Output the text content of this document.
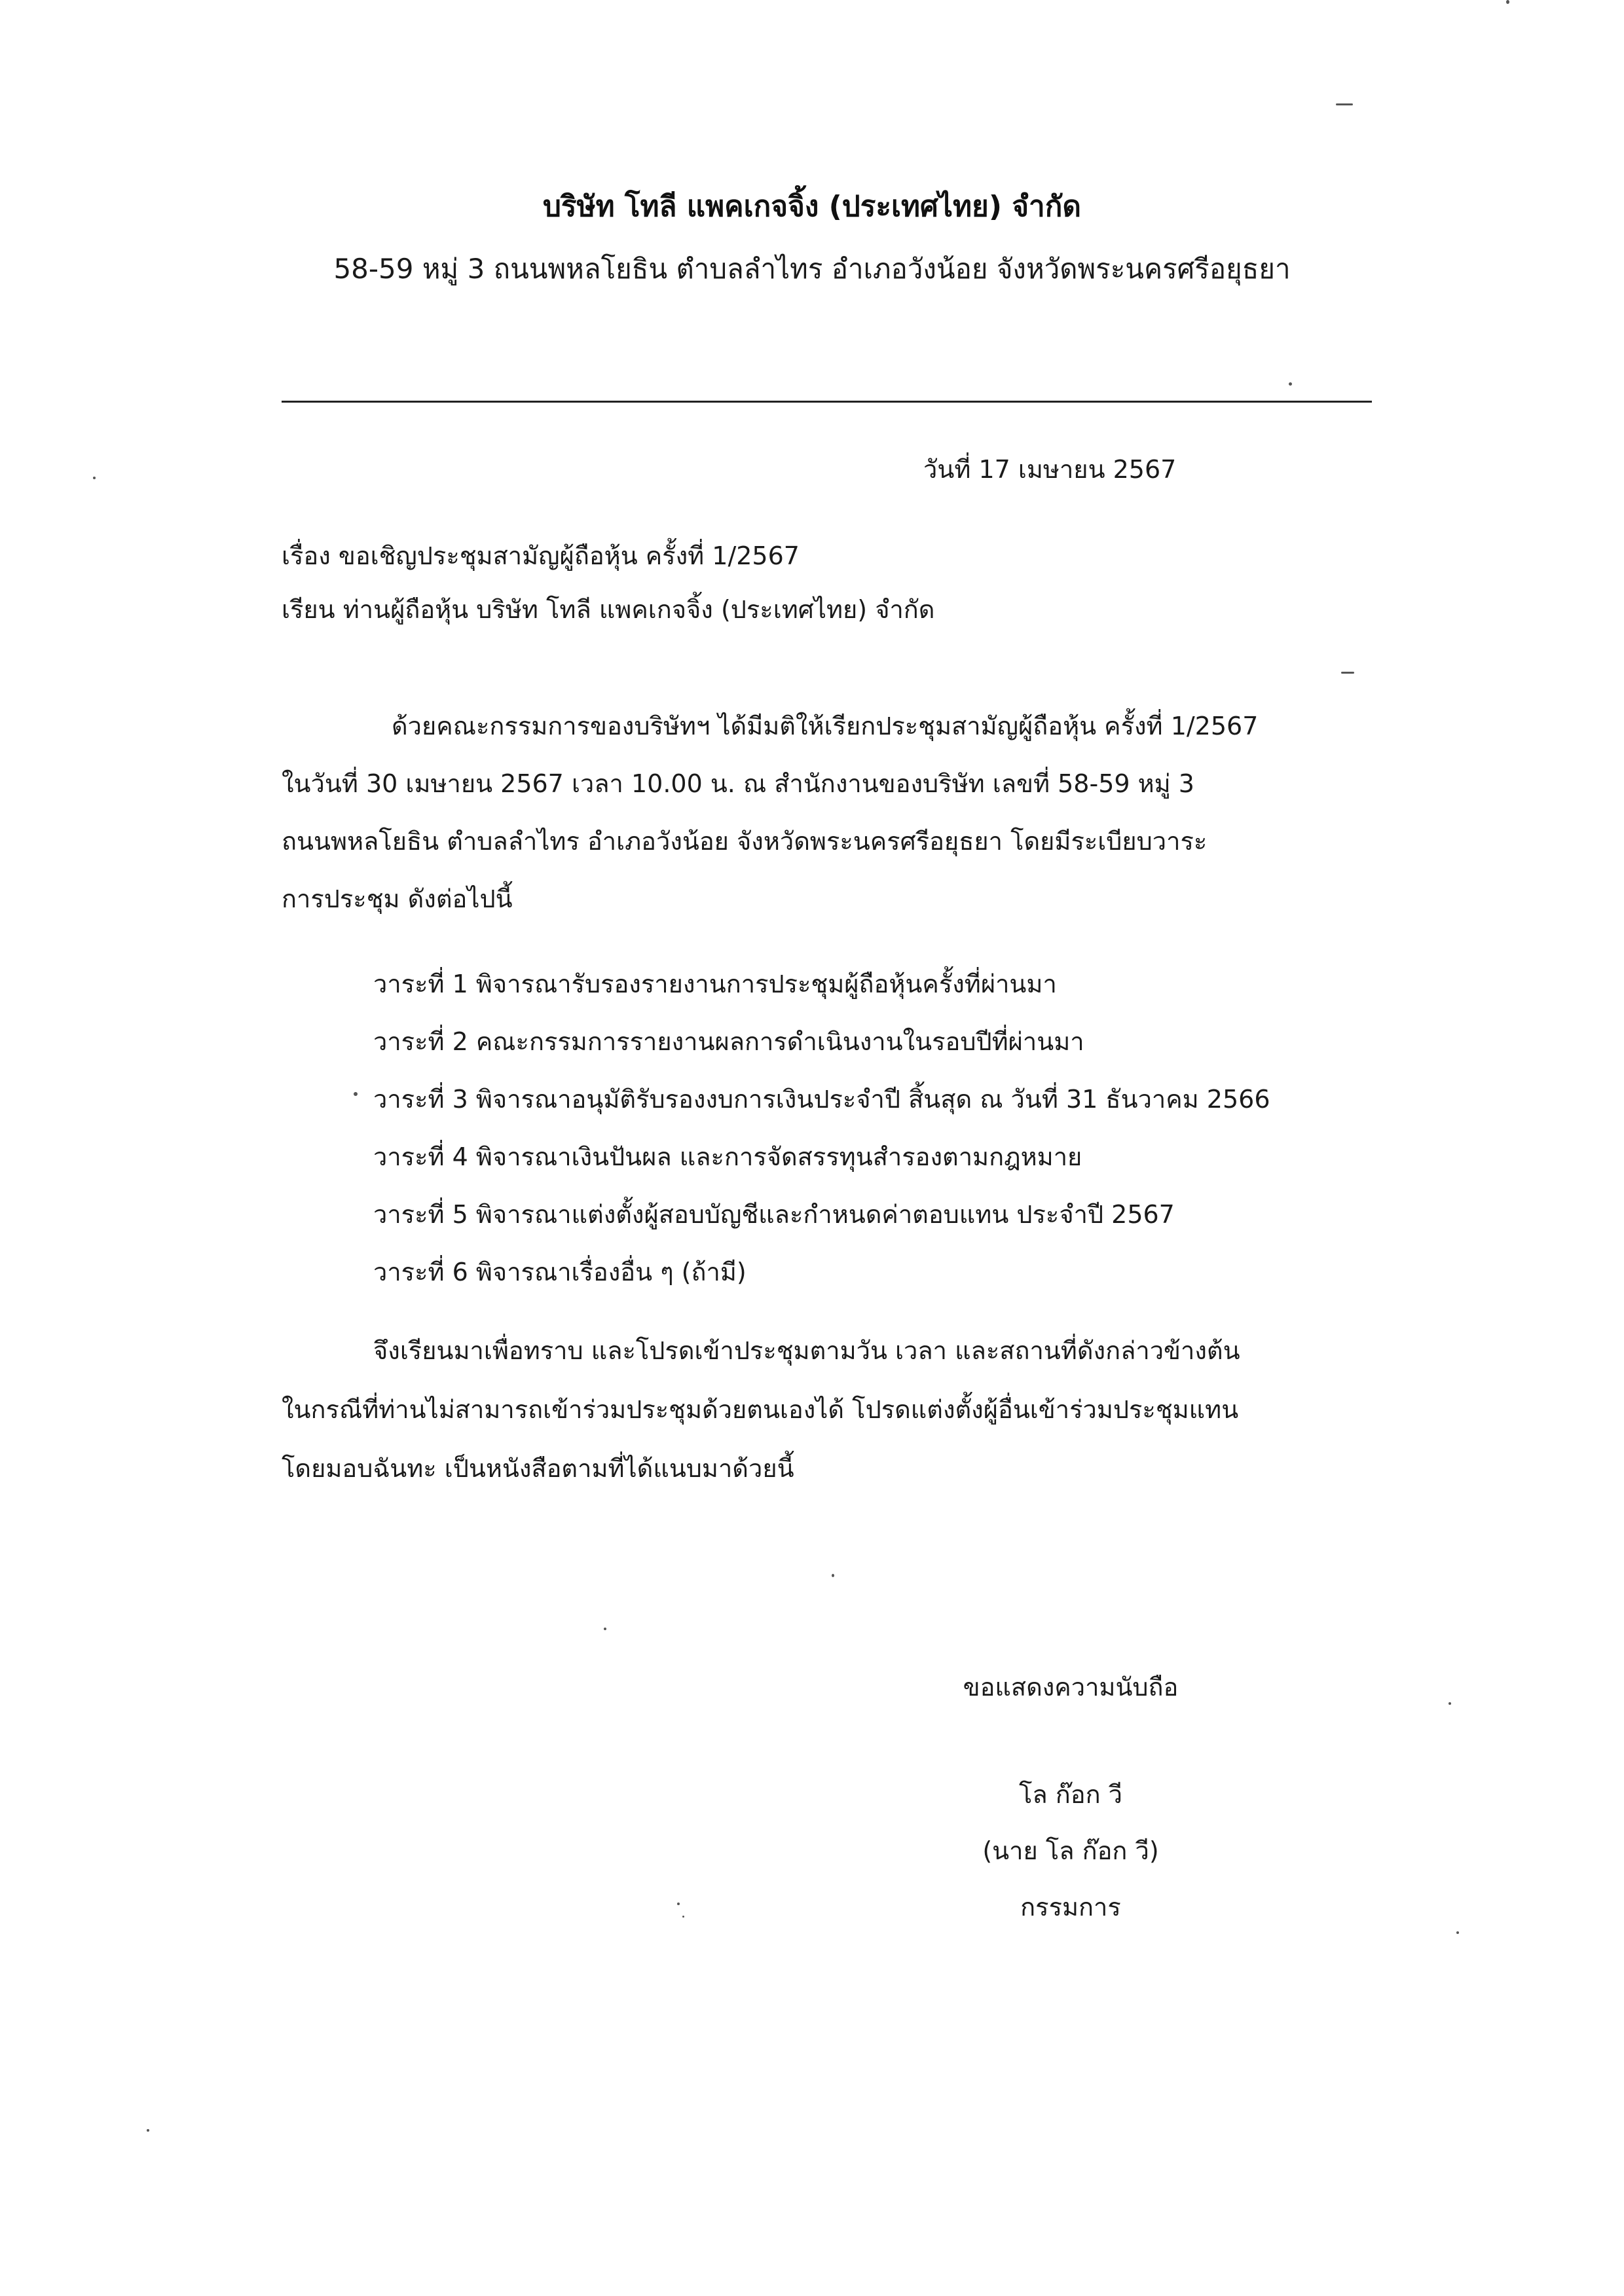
บริษัท โทลี แพคเกจจิ้ง (ประเทศไทย) จำกัด
58-59 หมู่ 3 ถนนพหลโยธิน ตำบลลำไทร อำเภอวังน้อย จังหวัดพระนครศรีอยุธยา
วันที่ 17 เมษายน 2567
เรื่อง ขอเชิญประชุมสามัญผู้ถือหุ้น ครั้งที่ 1/2567
เรียน ท่านผู้ถือหุ้น บริษัท โทลี แพคเกจจิ้ง (ประเทศไทย) จำกัด
ด้วยคณะกรรมการของบริษัทฯ ได้มีมติให้เรียกประชุมสามัญผู้ถือหุ้น ครั้งที่ 1/2567
ในวันที่ 30 เมษายน 2567 เวลา 10.00 น. ณ สำนักงานของบริษัท เลขที่ 58-59 หมู่ 3
ถนนพหลโยธิน ตำบลลำไทร อำเภอวังน้อย จังหวัดพระนครศรีอยุธยา โดยมีระเบียบวาระ
การประชุม ดังต่อไปนี้
วาระที่ 1 พิจารณารับรองรายงานการประชุมผู้ถือหุ้นครั้งที่ผ่านมา
วาระที่ 2 คณะกรรมการรายงานผลการดำเนินงานในรอบปีที่ผ่านมา
วาระที่ 3 พิจารณาอนุมัติรับรองงบการเงินประจำปี สิ้นสุด ณ วันที่ 31 ธันวาคม 2566
วาระที่ 4 พิจารณาเงินปันผล และการจัดสรรทุนสำรองตามกฎหมาย
วาระที่ 5 พิจารณาแต่งตั้งผู้สอบบัญชีและกำหนดค่าตอบแทน ประจำปี 2567
วาระที่ 6 พิจารณาเรื่องอื่น ๆ (ถ้ามี)
จึงเรียนมาเพื่อทราบ และโปรดเข้าประชุมตามวัน เวลา และสถานที่ดังกล่าวข้างต้น
ในกรณีที่ท่านไม่สามารถเข้าร่วมประชุมด้วยตนเองได้ โปรดแต่งตั้งผู้อื่นเข้าร่วมประชุมแทน
โดยมอบฉันทะ เป็นหนังสือตามที่ได้แนบมาด้วยนี้
ขอแสดงความนับถือ
โล ก๊อก วี
(นาย โล ก๊อก วี)
กรรมการ
